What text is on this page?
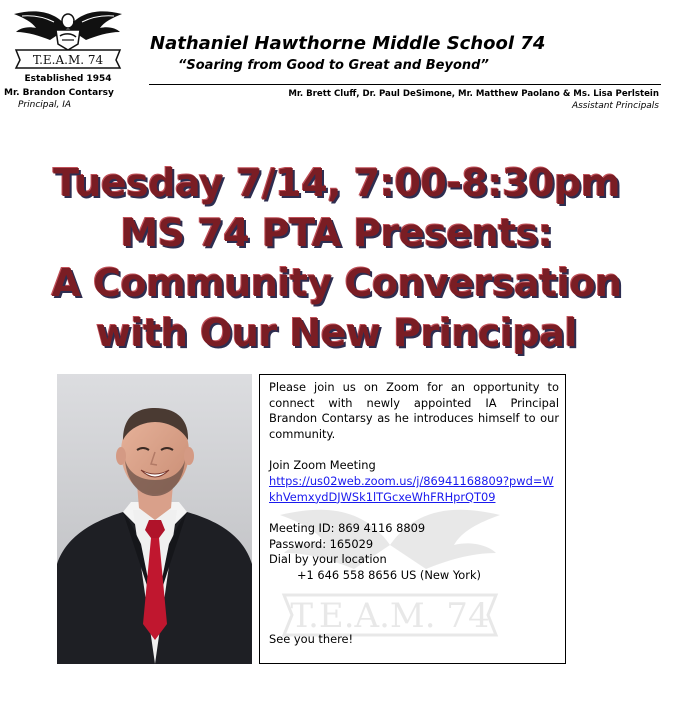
T.E.A.M. 74
Established 1954
Mr. Brandon Contarsy
Principal, IA
Nathaniel Hawthorne Middle School 74
“Soaring from Good to Great and Beyond”
Mr. Brett Cluff, Dr. Paul DeSimone, Mr. Matthew Paolano & Ms. Lisa Perlstein
Assistant Principals
Tuesday 7/14, 7:00-8:30pm
MS 74 PTA Presents:
A Community Conversation
with Our New Principal
T.E.A.M. 74

Please join us on Zoom for an opportunity to connect with newly appointed IA Principal Brandon Contarsy as he introduces himself to our community.

Join Zoom Meeting
https://us02web.zoom.us/j/86941168809?pwd=WkhVemxydDJWSk1lTGcxeWhFRHprQT09
Meeting ID: 869 4116 8809
Password: 165029
Dial by your location
+1 646 558 8656 US (New York)
See you there!
